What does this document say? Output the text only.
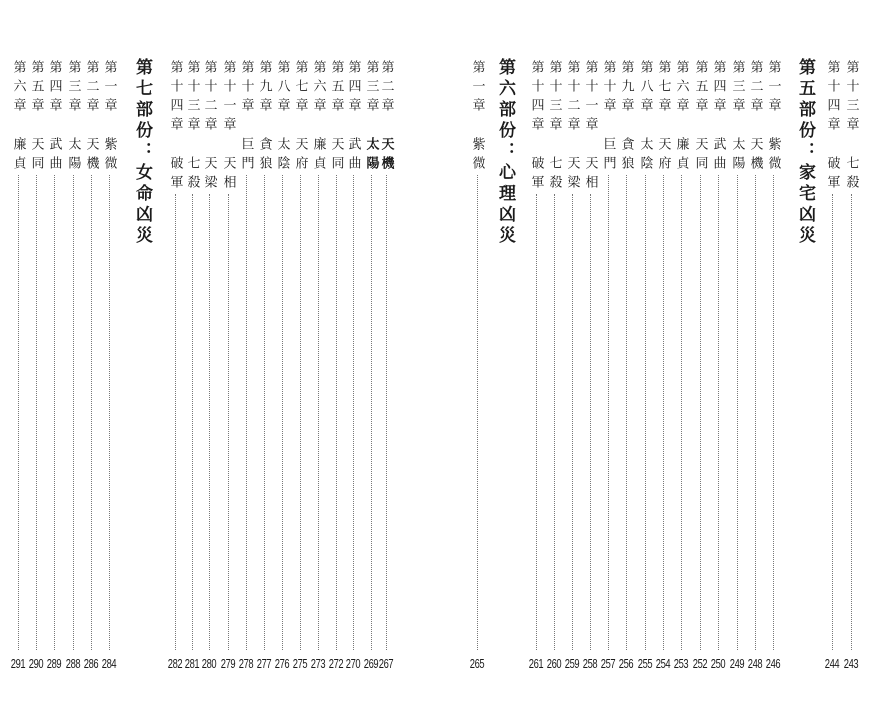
第六章
廉貞
291
第五章
天同
290
第四章
武曲
289
第三章
太陽
288
第二章
天機
286
第一章
紫微
284
第十四章
破軍
282
第十三章
七殺
281
第十二章
天梁
280
第十一章
天相
279
第十章
巨門
278
第九章
貪狼
277
第八章
太陰
276
第七章
天府
275
第六章
廉貞
273
第五章
天同
272
第四章
武曲
270
第三章
太陽
269
第二章
天機
267
第一章
紫微
265
第十四章
破軍
261
第十三章
七殺
260
第十二章
天梁
259
第十一章
天相
258
第十章
巨門
257
第九章
貪狼
256
第八章
太陰
255
第七章
天府
254
第六章
廉貞
253
第五章
天同
252
第四章
武曲
250
第三章
太陽
249
第二章
天機
248
第一章
紫微
246
第十四章
破軍
244
第十三章
七殺
243
第七部份：女命凶災	第六部份：心理凶災	第五部份：家宅凶災
